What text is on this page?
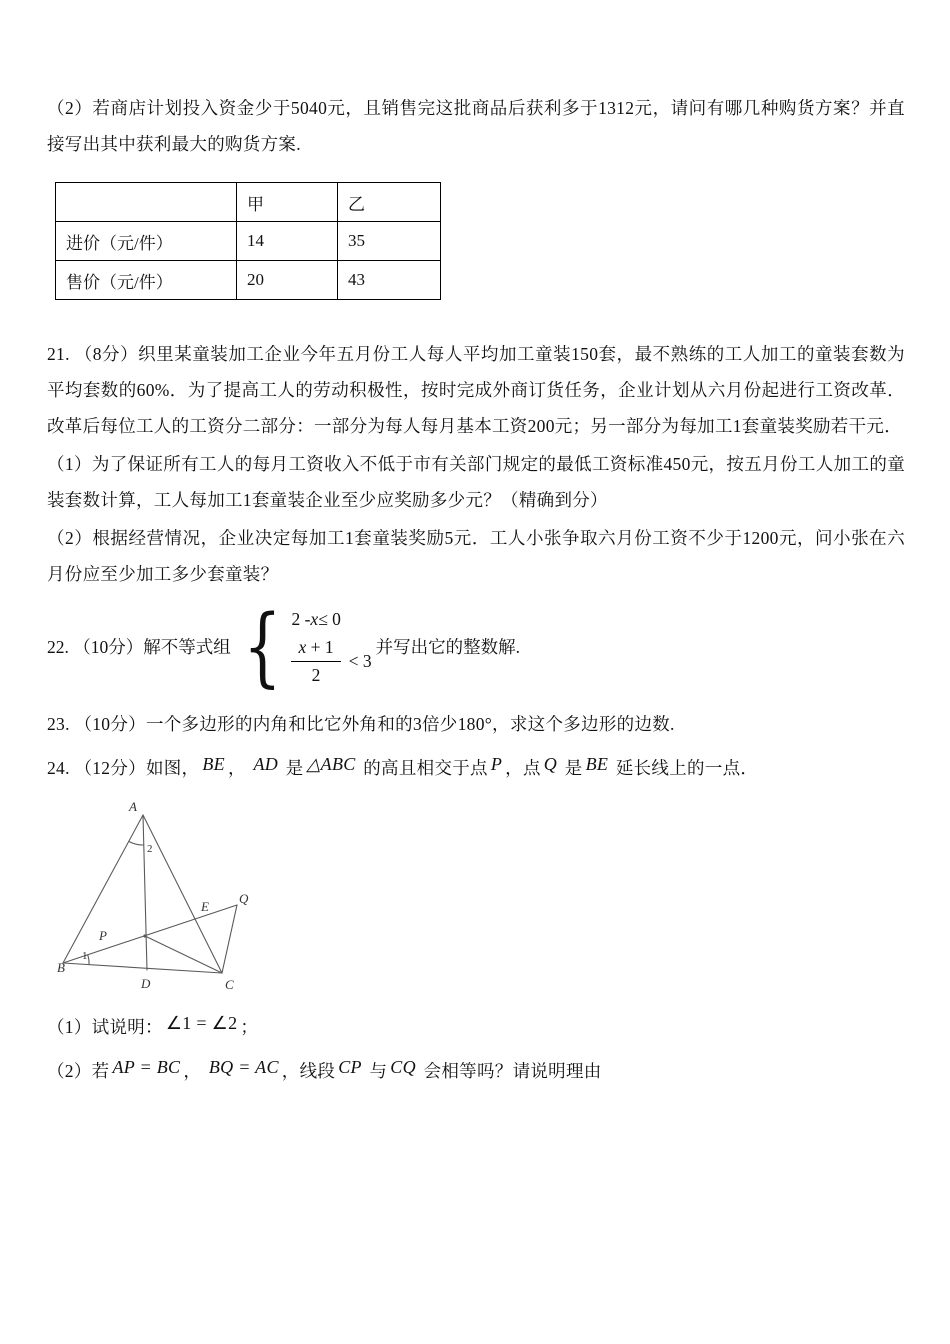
（2）若商店计划投入资金少于5040元，且销售完这批商品后获利多于1312元，请问有哪几种购货方案？并直接写出其中获利最大的购货方案.

	甲	乙
进价（元/件）	14	35
售价（元/件）	20	43

21. （8分）织里某童装加工企业今年五月份工人每人平均加工童装150套，最不熟练的工人加工的童装套数为平均套数的60%．为了提高工人的劳动积极性，按时完成外商订货任务，企业计划从六月份起进行工资改革．改革后每位工人的工资分二部分：一部分为每人每月基本工资200元；另一部分为每加工1套童装奖励若干元．

（1）为了保证所有工人的每月工资收入不低于市有关部门规定的最低工资标准450元，按五月份工人加工的童装套数计算，工人每加工1套童装企业至少应奖励多少元？（精确到分）

（2）根据经营情况，企业决定每加工1套童装奖励5元．工人小张争取六月份工资不少于1200元，问小张在六月份应至少加工多少套童装？

22. （10分）解不等式组 { 2 - x ≤ 0
$\frac{x + 1}{2} < 3$
并写出它的整数解.

23. （10分）一个多边形的内角和比它外角和的3倍少180°，求这个多边形的边数.

24. （12分）如图， BE ， AD 是 △ABC 的高且相交于点 P ，点 Q 是 BE 延长线上的一点．

A
2
E
Q
P
B
1
D	C

（1）试说明： ∠1 = ∠2 ；

（2）若 AP = BC ， BQ = AC ，线段 CP 与 CQ 会相等吗？请说明理由
